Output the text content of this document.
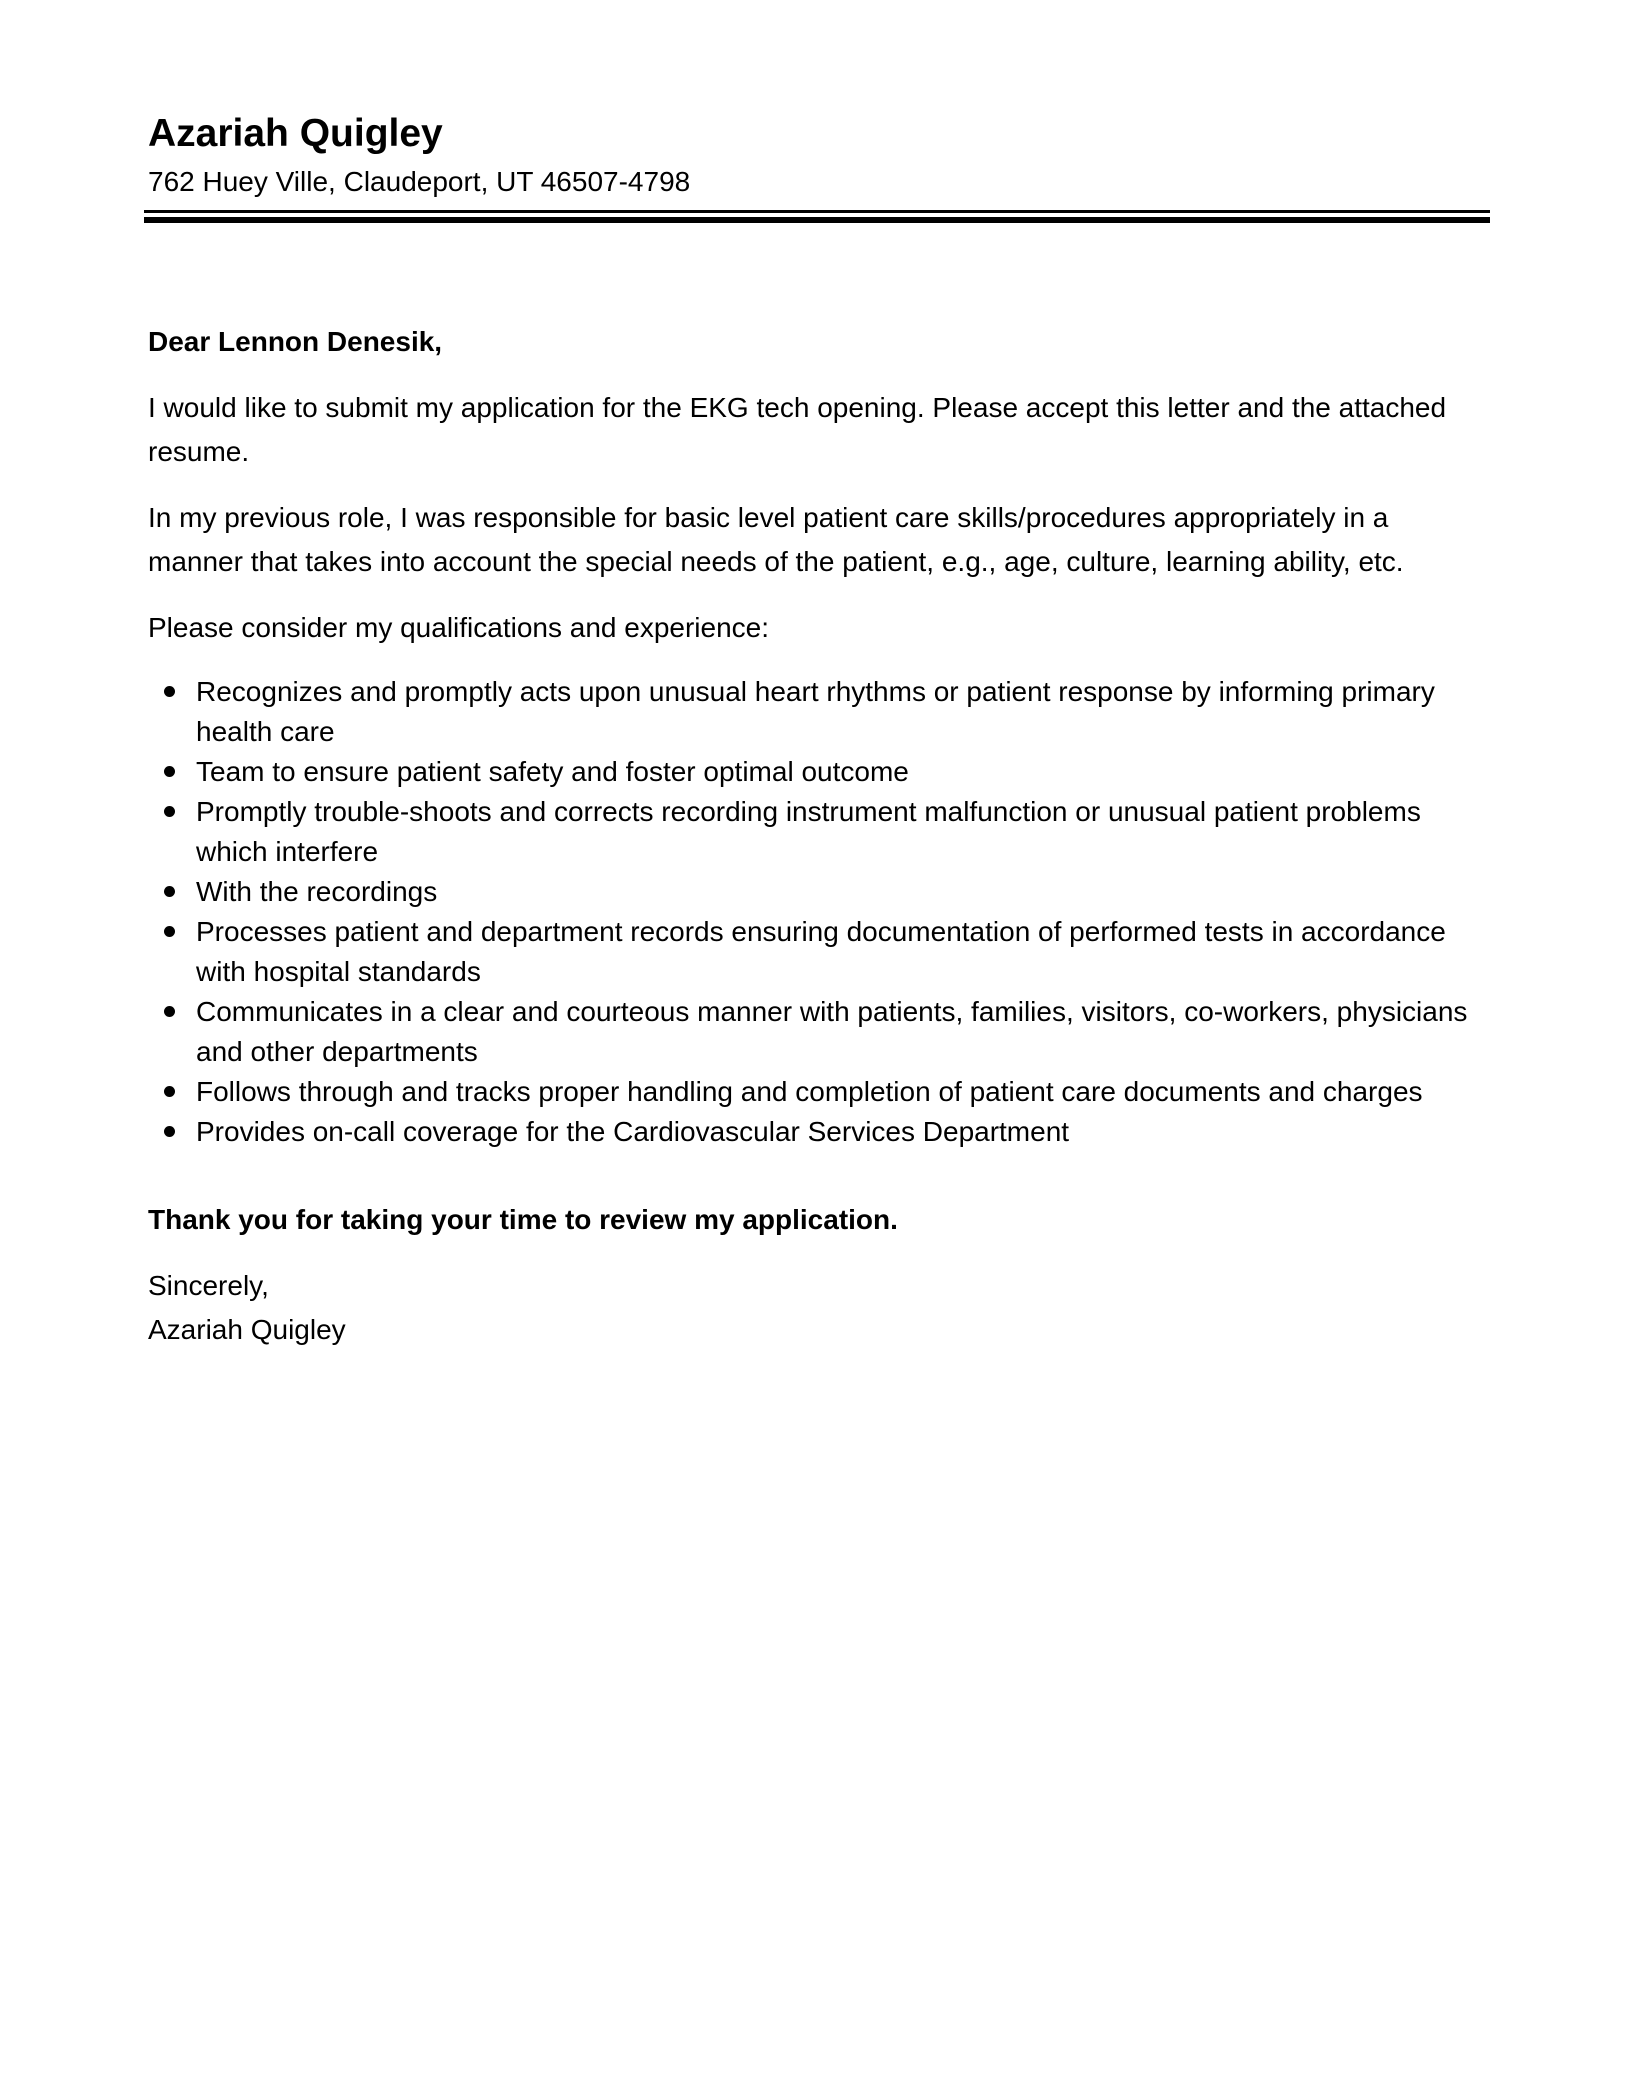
Azariah Quigley

762 Huey Ville, Claudeport, UT 46507-4798

Dear Lennon Denesik,

I would like to submit my application for the EKG tech opening. Please accept this letter and the attached resume.

In my previous role, I was responsible for basic level patient care skills/procedures appropriately in a manner that takes into account the special needs of the patient, e.g., age, culture, learning ability, etc.

Please consider my qualifications and experience:

Recognizes and promptly acts upon unusual heart rhythms or patient response by informing primary health care
Team to ensure patient safety and foster optimal outcome
Promptly trouble-shoots and corrects recording instrument malfunction or unusual patient problems which interfere
With the recordings
Processes patient and department records ensuring documentation of performed tests in accordance with hospital standards
Communicates in a clear and courteous manner with patients, families, visitors, co-workers, physicians and other departments
Follows through and tracks proper handling and completion of patient care documents and charges
Provides on-call coverage for the Cardiovascular Services Department

Thank you for taking your time to review my application.

Sincerely,

Azariah Quigley
